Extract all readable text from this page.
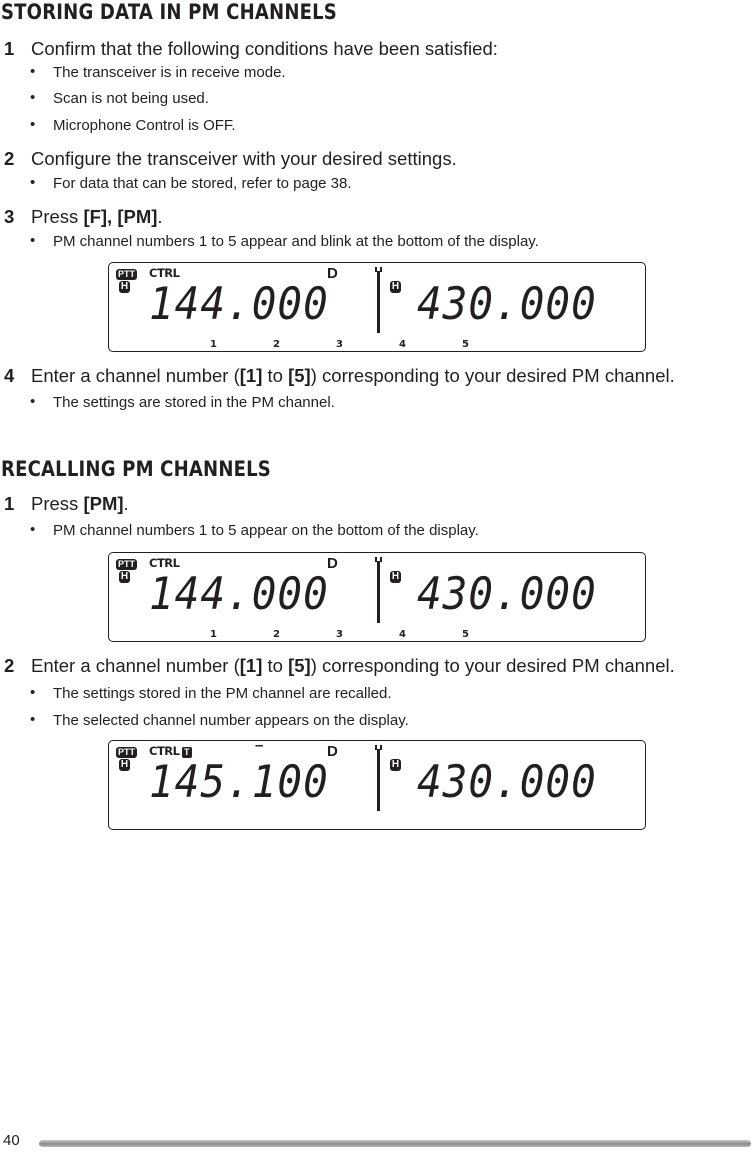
STORING DATA IN PM CHANNELS
1 Confirm that the following conditions have been satisfied:
• The transceiver is in receive mode.
• Scan is not being used.
• Microphone Control is OFF.
2 Configure the transceiver with your desired settings.
• For data that can be stored, refer to page 38.
3 Press [F], [PM].
• PM channel numbers 1 to 5 appear and blink at the bottom of the display.
PTT CTRL
H
D
144.000	H 430.000
1	2	3	4	5
4 Enter a channel number ([1] to [5]) corresponding to your desired PM channel.
• The settings are stored in the PM channel.
RECALLING PM CHANNELS
1 Press [PM].
• PM channel numbers 1 to 5 appear on the bottom of the display.
PTT CTRL
H
D
144.000	H 430.000
1	2	3	4	5
2 Enter a channel number ([1] to [5]) corresponding to your desired PM channel.
• The settings stored in the PM channel are recalled.
• The selected channel number appears on the display.
PTT CTRL T	–
H
D
145.100	H 430.000
40
